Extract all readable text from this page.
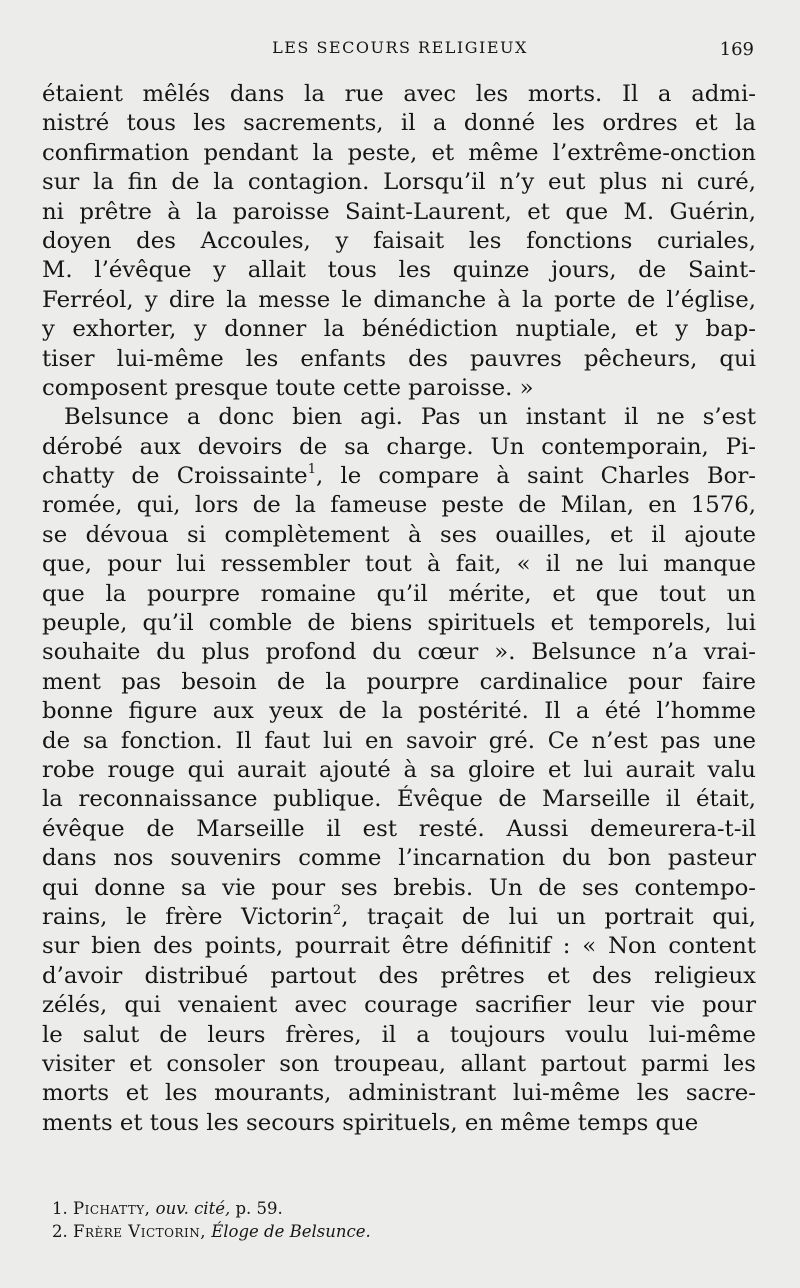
LES SECOURS RELIGIEUX	169
étaient mêlés dans la rue avec les morts. Il a admi-
nistré tous les sacrements, il a donné les ordres et la
confirmation pendant la peste, et même l’extrême-onction
sur la fin de la contagion. Lorsqu’il n’y eut plus ni curé,
ni prêtre à la paroisse Saint-Laurent, et que M. Guérin,
doyen des Accoules, y faisait les fonctions curiales,
M. l’évêque y allait tous les quinze jours, de Saint-
Ferréol, y dire la messe le dimanche à la porte de l’église,
y exhorter, y donner la bénédiction nuptiale, et y bap-
tiser lui-même les enfants des pauvres pêcheurs, qui
composent presque toute cette paroisse. »
Belsunce a donc bien agi. Pas un instant il ne s’est
dérobé aux devoirs de sa charge. Un contemporain, Pi-
chatty de Croissainte$^1$, le compare à saint Charles Bor-
romée, qui, lors de la fameuse peste de Milan, en 1576,
se dévoua si complètement à ses ouailles, et il ajoute
que, pour lui ressembler tout à fait, « il ne lui manque
que la pourpre romaine qu’il mérite, et que tout un
peuple, qu’il comble de biens spirituels et temporels, lui
souhaite du plus profond du cœur ». Belsunce n’a vrai-
ment pas besoin de la pourpre cardinalice pour faire
bonne figure aux yeux de la postérité. Il a été l’homme
de sa fonction. Il faut lui en savoir gré. Ce n’est pas une
robe rouge qui aurait ajouté à sa gloire et lui aurait valu
la reconnaissance publique. Évêque de Marseille il était,
évêque de Marseille il est resté. Aussi demeurera-t-il
dans nos souvenirs comme l’incarnation du bon pasteur
qui donne sa vie pour ses brebis. Un de ses contempo-
rains, le frère Victorin$^2$, traçait de lui un portrait qui,
sur bien des points, pourrait être définitif : « Non content
d’avoir distribué partout des prêtres et des religieux
zélés, qui venaient avec courage sacrifier leur vie pour
le salut de leurs frères, il a toujours voulu lui-même
visiter et consoler son troupeau, allant partout parmi les
morts et les mourants, administrant lui-même les sacre-
ments et tous les secours spirituels, en même temps que
1. Pichatty, ouv. cité, p. 59.
2. Frère Victorin, Éloge de Belsunce.
